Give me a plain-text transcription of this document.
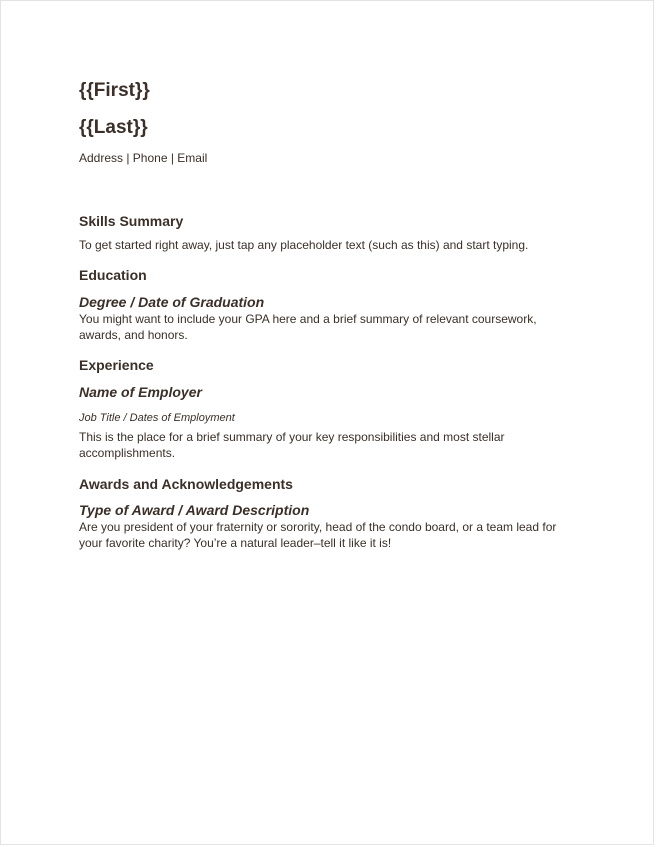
{{First}}
{{Last}}
Address | Phone | Email
Skills Summary

To get started right away, just tap any placeholder text (such as this) and start typing.

Education
Degree / Date of Graduation

You might want to include your GPA here and a brief summary of relevant coursework, awards, and honors.

Experience
Name of Employer
Job Title / Dates of Employment

This is the place for a brief summary of your key responsibilities and most stellar accomplishments.

Awards and Acknowledgements
Type of Award / Award Description

Are you president of your fraternity or sorority, head of the condo board, or a team lead for your favorite charity? You’re a natural leader–tell it like it is!
